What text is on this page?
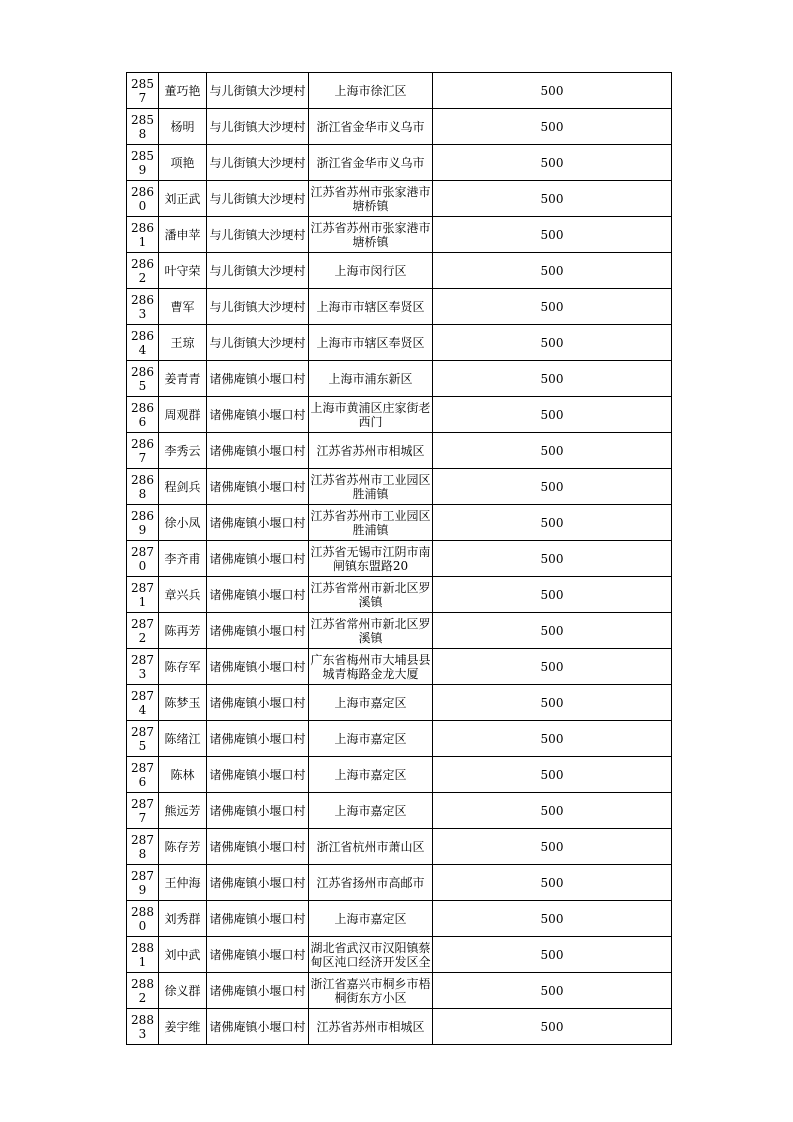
2857	董巧艳	与儿街镇大沙埂村	上海市徐汇区	500

2858	杨明	与儿街镇大沙埂村	浙江省金华市义乌市	500

2859	项艳	与儿街镇大沙埂村	浙江省金华市义乌市	500

2860	刘正武	与儿街镇大沙埂村	江苏省苏州市张家港市塘桥镇	500

2861	潘申苹	与儿街镇大沙埂村	江苏省苏州市张家港市塘桥镇	500

2862	叶守荣	与儿街镇大沙埂村	上海市闵行区	500

2863	曹军	与儿街镇大沙埂村	上海市市辖区奉贤区	500

2864	王琼	与儿街镇大沙埂村	上海市市辖区奉贤区	500

2865	姜青青	诸佛庵镇小堰口村	上海市浦东新区	500

2866	周观群	诸佛庵镇小堰口村	上海市黄浦区庄家街老西门	500

2867	李秀云	诸佛庵镇小堰口村	江苏省苏州市相城区	500

2868	程剑兵	诸佛庵镇小堰口村	江苏省苏州市工业园区胜浦镇	500

2869	徐小凤	诸佛庵镇小堰口村	江苏省苏州市工业园区胜浦镇	500

2870	李齐甫	诸佛庵镇小堰口村	江苏省无锡市江阴市南闸镇东盟路20	500

2871	章兴兵	诸佛庵镇小堰口村	江苏省常州市新北区罗溪镇	500

2872	陈再芳	诸佛庵镇小堰口村	江苏省常州市新北区罗溪镇	500

2873	陈存军	诸佛庵镇小堰口村	广东省梅州市大埔县县城青梅路金龙大厦	500

2874	陈梦玉	诸佛庵镇小堰口村	上海市嘉定区	500

2875	陈绪江	诸佛庵镇小堰口村	上海市嘉定区	500

2876	陈林	诸佛庵镇小堰口村	上海市嘉定区	500

2877	熊远芳	诸佛庵镇小堰口村	上海市嘉定区	500

2878	陈存芳	诸佛庵镇小堰口村	浙江省杭州市萧山区	500

2879	王仲海	诸佛庵镇小堰口村	江苏省扬州市高邮市	500

2880	刘秀群	诸佛庵镇小堰口村	上海市嘉定区	500

2881	刘中武	诸佛庵镇小堰口村	湖北省武汉市汉阳镇蔡甸区沌口经济开发区全	500

2882	徐义群	诸佛庵镇小堰口村	浙江省嘉兴市桐乡市梧桐街东方小区	500

2883	姜宇维	诸佛庵镇小堰口村	江苏省苏州市相城区	500
